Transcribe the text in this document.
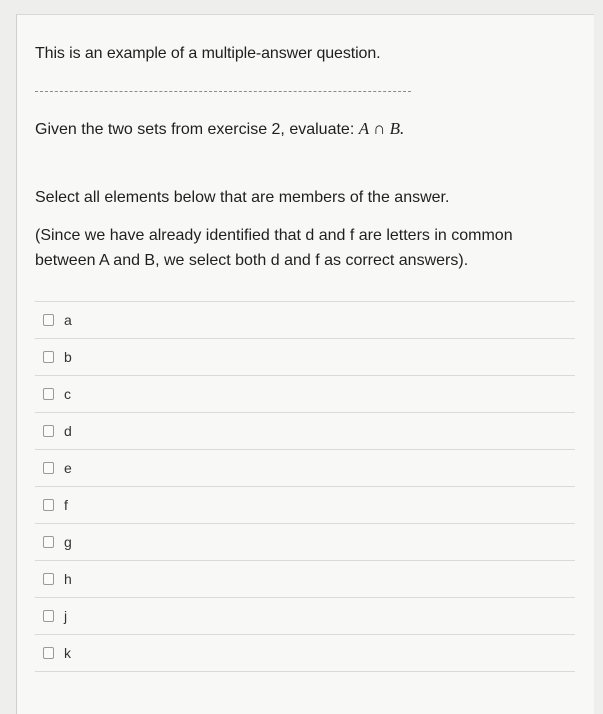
This is an example of a multiple-answer question.
Given the two sets from exercise 2, evaluate: A ∩ B.
Select all elements below that are members of the answer.
(Since we have already identified that d and f are letters in common between A and B, we select both d and f as correct answers).
a
b
c
d
e
f
g
h
j
k
